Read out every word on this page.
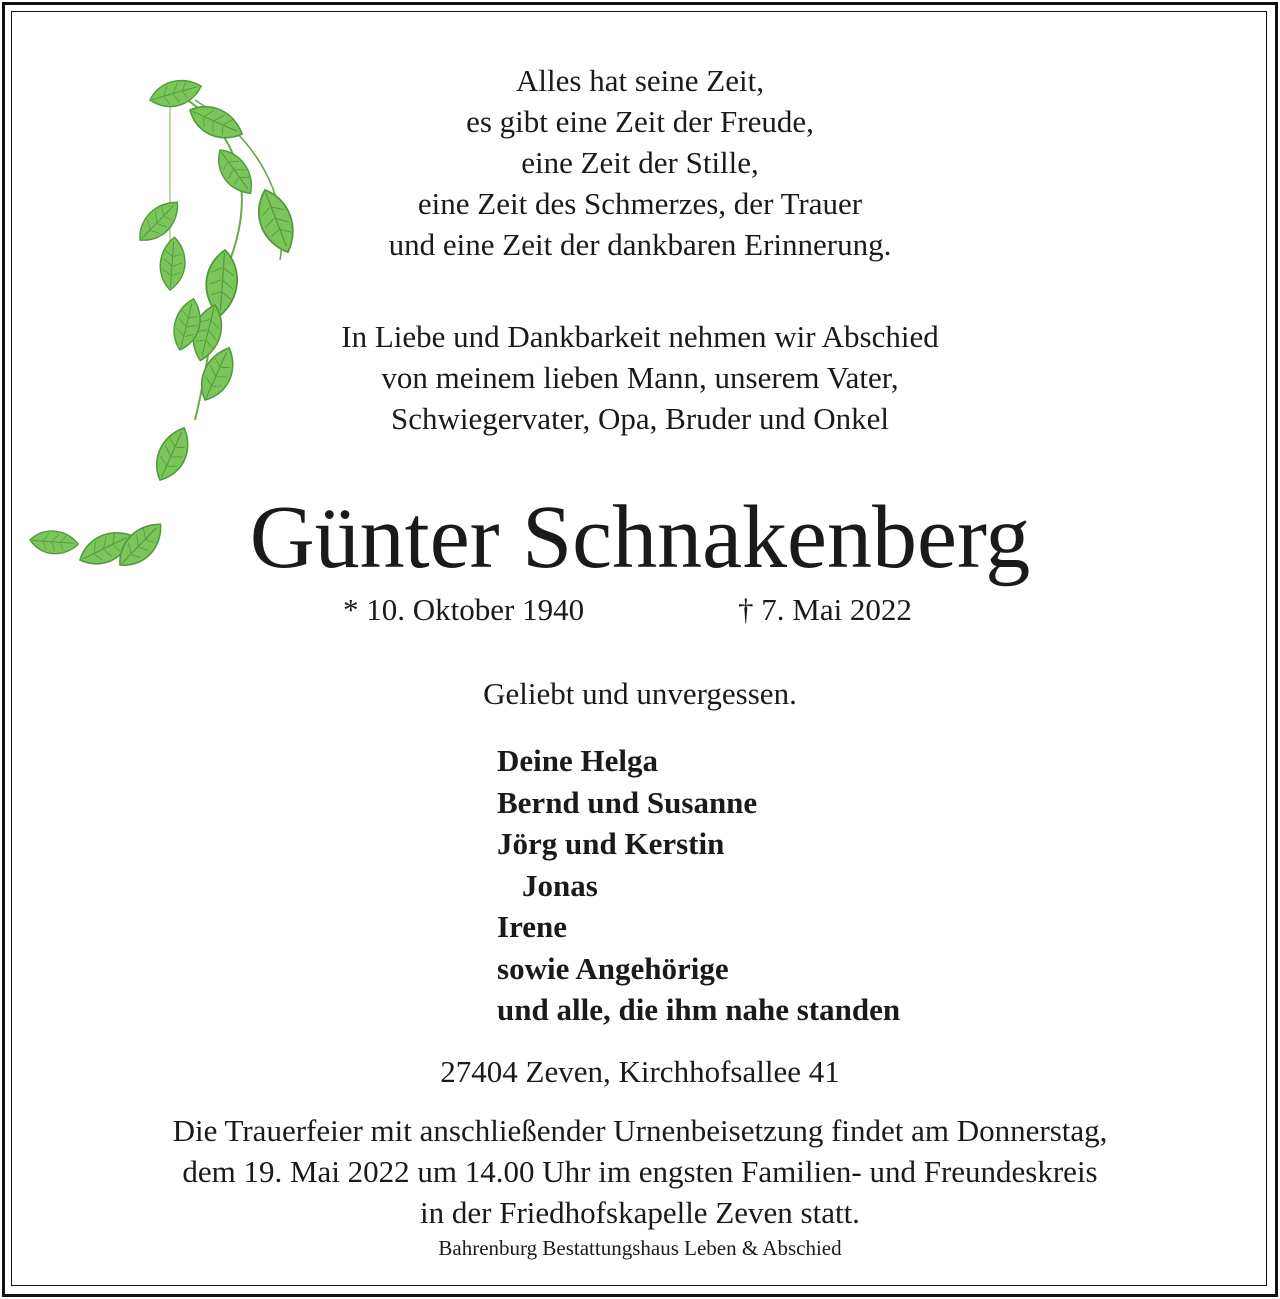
Alles hat seine Zeit,
es gibt eine Zeit der Freude,
eine Zeit der Stille,
eine Zeit des Schmerzes, der Trauer
und eine Zeit der dankbaren Erinnerung.
In Liebe und Dankbarkeit nehmen wir Abschied
von meinem lieben Mann, unserem Vater,
Schwiegervater, Opa, Bruder und Onkel
Günter Schnakenberg
* 10. Oktober 1940	† 7. Mai 2022
Geliebt und unvergessen.
Deine Helga
Bernd und Susanne
Jörg und Kerstin
Jonas
Irene
sowie Angehörige
und alle, die ihm nahe standen
27404 Zeven, Kirchhofsallee 41
Die Trauerfeier mit anschließender Urnenbeisetzung findet am Donnerstag,
dem 19. Mai 2022 um 14.00 Uhr im engsten Familien- und Freundeskreis
in der Friedhofskapelle Zeven statt.
Bahrenburg Bestattungshaus Leben & Abschied
